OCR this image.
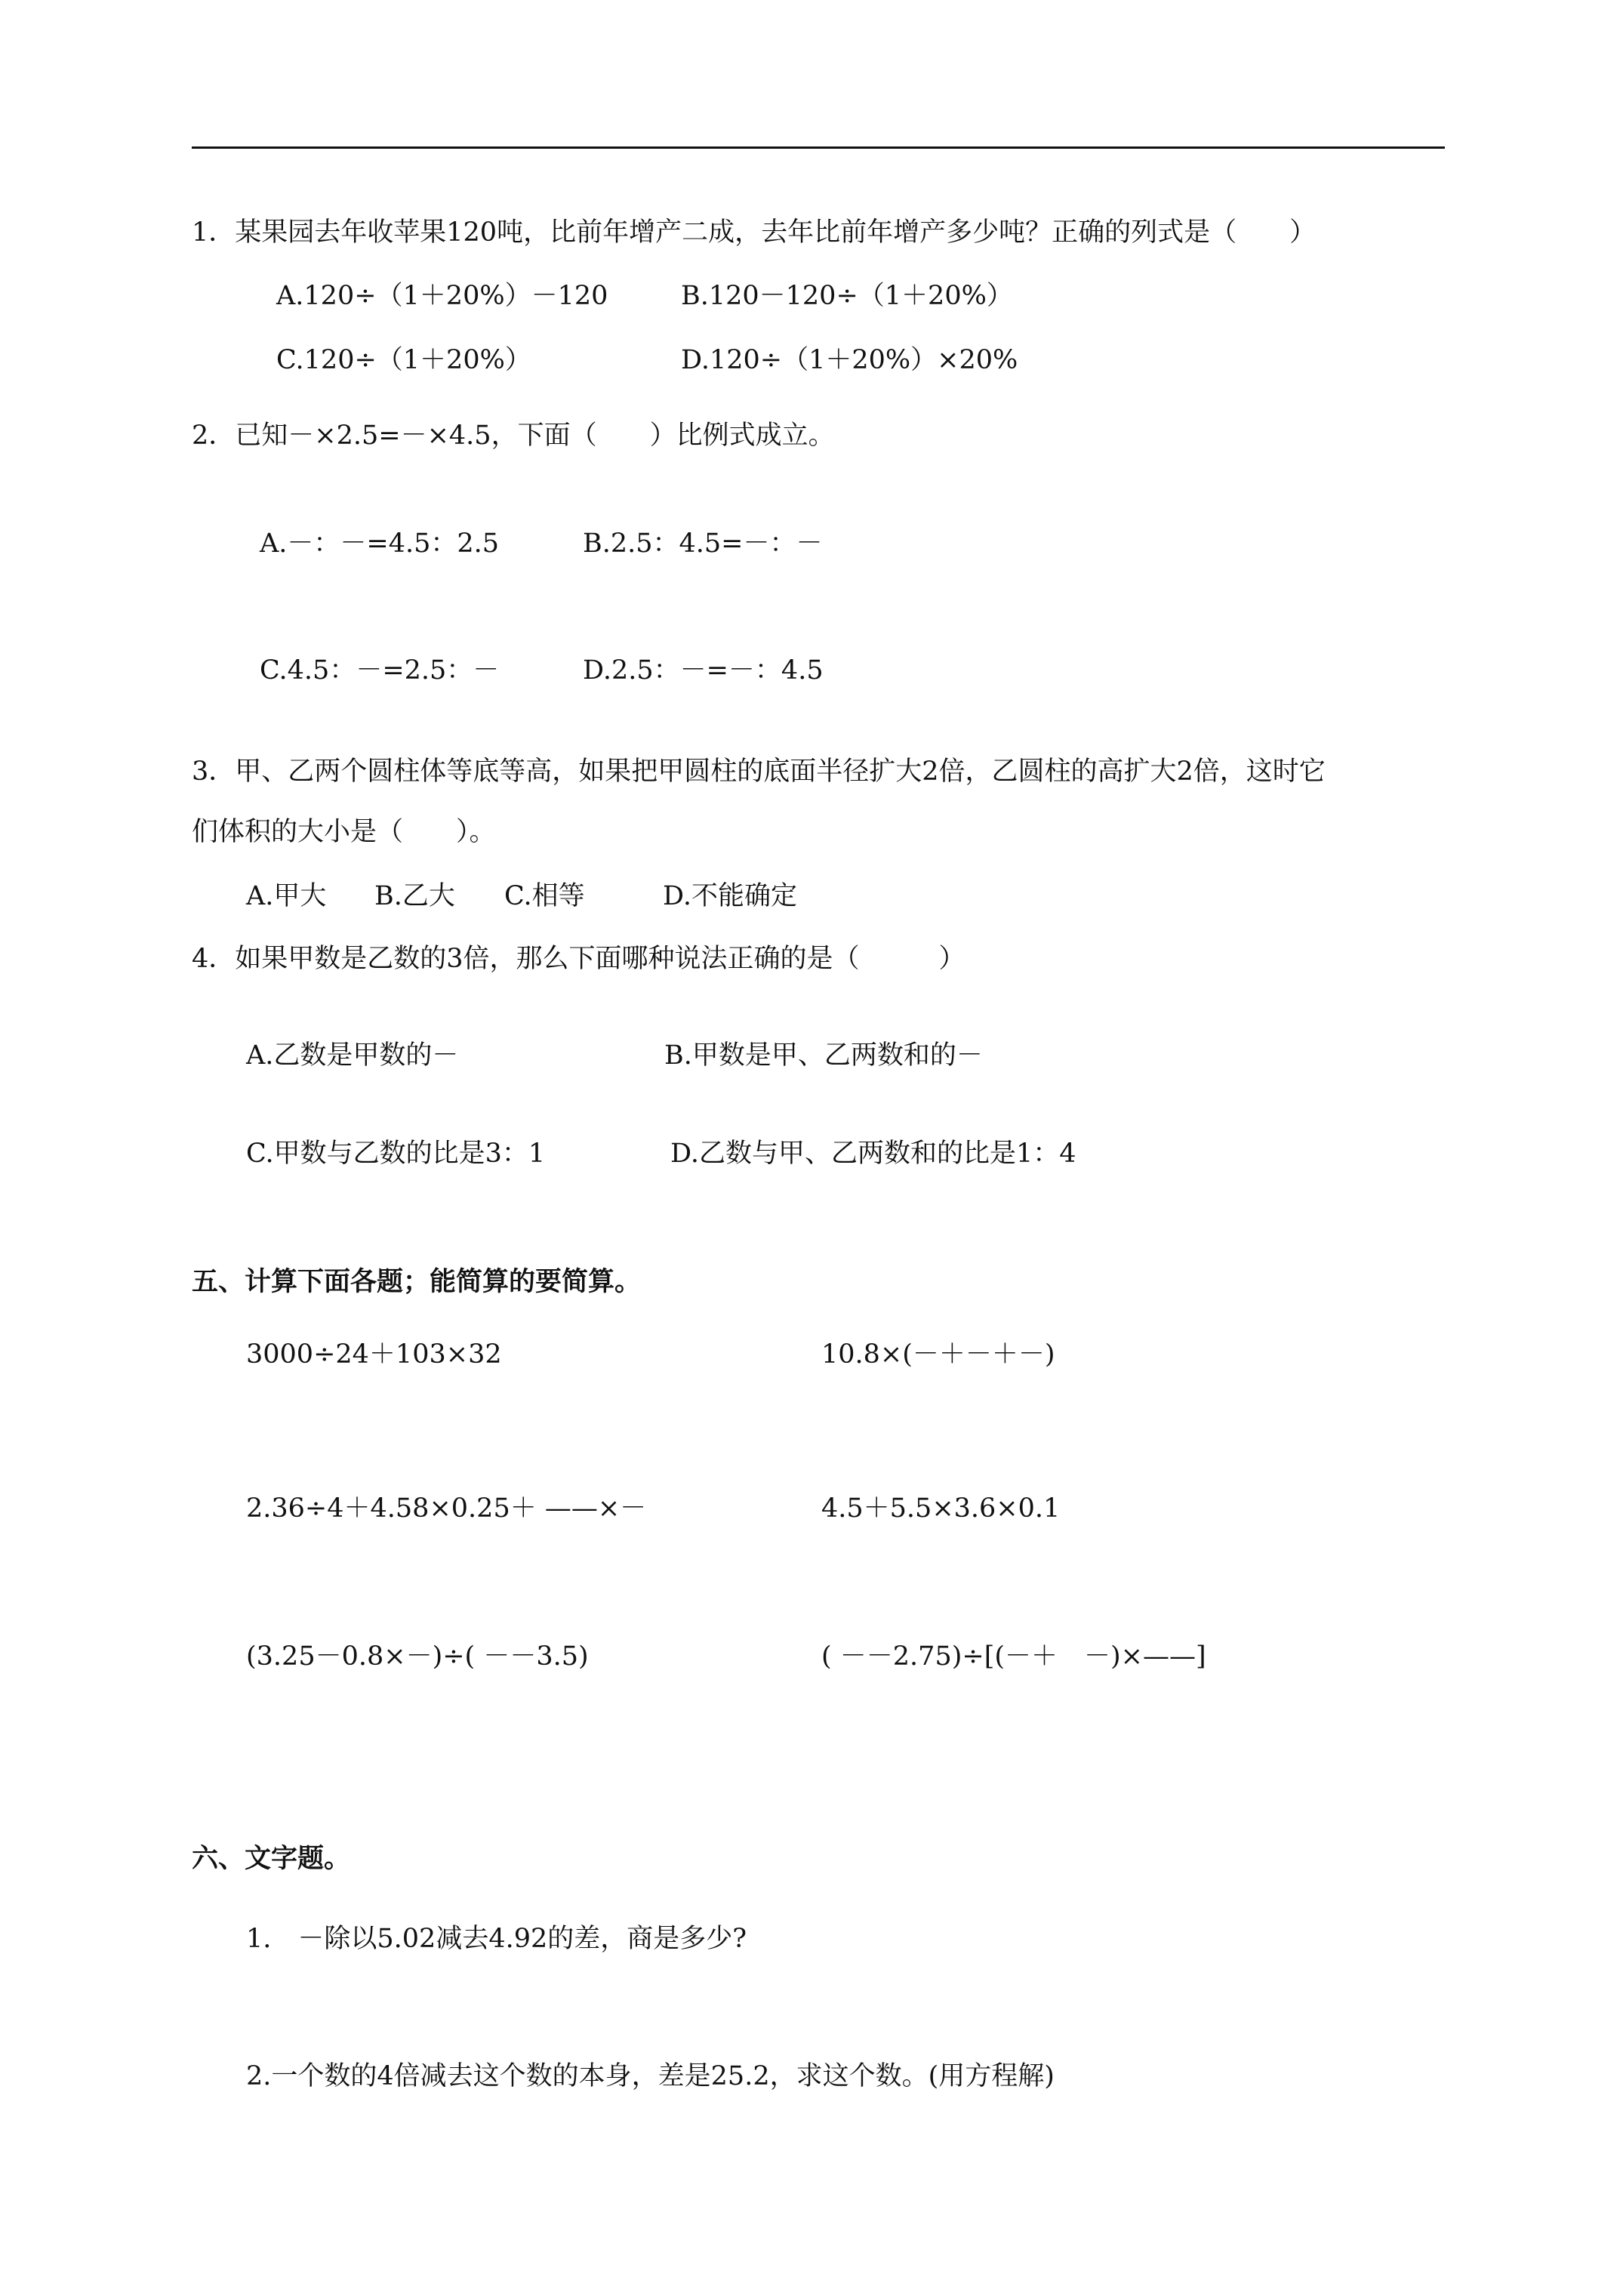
1．某果园去年收苹果120吨，比前年增产二成，去年比前年增产多少吨？正确的列式是（　　）
A.120÷（1＋20%）－120	B.120－120÷（1＋20%）
C.120÷（1＋20%）	D.120÷（1＋20%）×20%
2．已知－×2.5=－×4.5，下面（　　）比例式成立。
A.－：－=4.5：2.5	B.2.5：4.5=－：－
C.4.5：－=2.5：－	D.2.5：－=－：4.5
3．甲、乙两个圆柱体等底等高，如果把甲圆柱的底面半径扩大2倍，乙圆柱的高扩大2倍，这时它
们体积的大小是（　　）。
A.甲大 B.乙大 C.相等	D.不能确定
4．如果甲数是乙数的3倍，那么下面哪种说法正确的是（　　　）
A.乙数是甲数的－	B.甲数是甲、乙两数和的－
C.甲数与乙数的比是3：1	D.乙数与甲、乙两数和的比是1：4
五、计算下面各题；能简算的要简算。
3000÷24＋103×32	10.8×(－＋－＋－)
2.36÷4＋4.58×0.25＋ ——×－	4.5＋5.5×3.6×0.1
(3.25－0.8×－)÷( －－3.5)	( －－2.75)÷[(－＋　－)×——]
六、文字题。
1.　－除以5.02减去4.92的差，商是多少?
2.一个数的4倍减去这个数的本身，差是25.2，求这个数。(用方程解)
